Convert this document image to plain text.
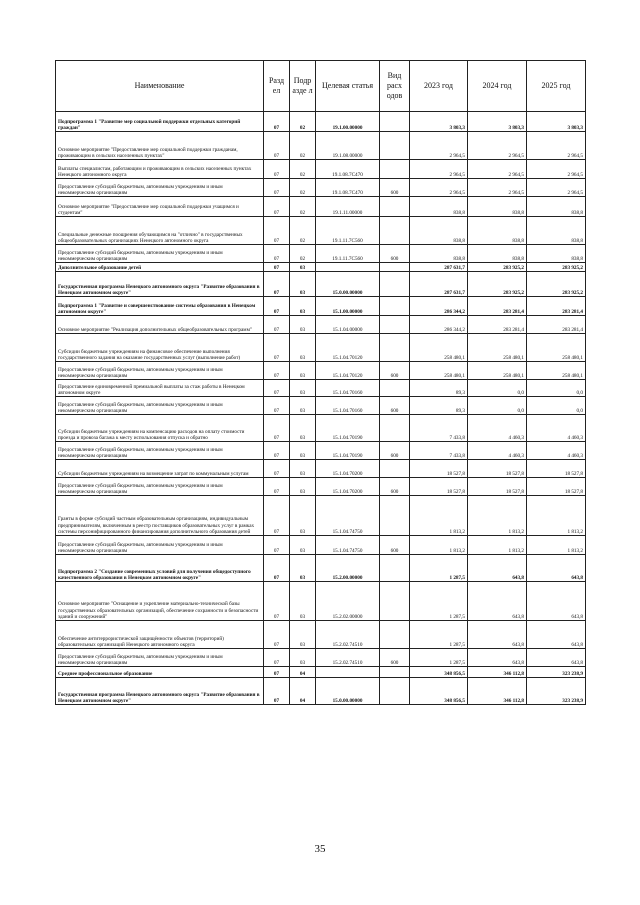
Наименование	Разд ел	Подр азде л	Целевая статья	Вид расх одов	2023 год	2024 год	2025 год
Подпрограмма 1 "Развитие мер социальной поддержки отдельных категорий граждан"	07	02	19.1.00.00000		3 803,3	3 803,3	3 803,3
Основное мероприятие "Предоставление мер социальной поддержки гражданам, проживающим в сельских населенных пунктах"	07	02	19.1.08.00000		2 964,5	2 964,5	2 964,5
Выплаты специалистам, работающим и проживающим в сельских населенных пунктах Ненецкого автономного округа	07	02	19.1.08.7С470		2 964,5	2 964,5	2 964,5
Предоставление субсидий бюджетным, автономным учреждениям и иным некоммерческим организациям	07	02	19.1.08.7С470	600	2 964,5	2 964,5	2 964,5
Основное мероприятие "Предоставление мер социальной поддержки учащимся и студентам"	07	02	19.1.11.00000		838,8	838,8	838,8
Специальные денежные поощрения обучающимся на "отлично" в государственных общеобразовательных организациях Ненецкого автономного округа	07	02	19.1.11.7С560		838,8	838,8	838,8
Предоставление субсидий бюджетным, автономным учреждениям и иным некоммерческим организациям	07	02	19.1.11.7С560	600	838,8	838,8	838,8
Дополнительное образование детей	07	03			287 631,7	283 925,2	283 925,2
Государственная программа Ненецкого автономного округа "Развитие образования в Ненецком автономном округе"	07	03	15.0.00.00000		287 631,7	283 925,2	283 925,2
Подпрограмма 1 "Развитие и совершенствование системы образования в Ненецком автономном округе"	07	03	15.1.00.00000		286 344,2	283 281,4	283 281,4
Основное мероприятие "Реализация дополнительных общеобразовательных программ"	07	03	15.1.04.00000		286 344,2	283 281,4	283 281,4
Субсидии бюджетным учреждениям на финансовое обеспечение выполнения государственного задания на оказание государственных услуг (выполнение работ)	07	03	15.1.04.70120		258 480,1	258 480,1	258 480,1
Предоставление субсидий бюджетным, автономным учреждениям и иным некоммерческим организациям	07	03	15.1.04.70120	600	258 480,1	258 480,1	258 480,1
Предоставление единовременной премиальной выплаты за стаж работы в Ненецком автономном округе	07	03	15.1.04.70160		89,3	0,0	0,0
Предоставление субсидий бюджетным, автономным учреждениям и иным некоммерческим организациям	07	03	15.1.04.70160	600	89,3	0,0	0,0
Субсидии бюджетным учреждениям на компенсацию расходов на оплату стоимости проезда и провоза багажа к месту использования отпуска и обратно	07	03	15.1.04.70190		7 433,8	4 460,3	4 460,3
Предоставление субсидий бюджетным, автономным учреждениям и иным некоммерческим организациям	07	03	15.1.04.70190	600	7 433,8	4 460,3	4 460,3
Субсидии бюджетным учреждениям на возмещение затрат по коммунальным услугам	07	03	15.1.04.70200		18 527,8	18 527,8	18 527,8
Предоставление субсидий бюджетным, автономным учреждениям и иным некоммерческим организациям	07	03	15.1.04.70200	600	18 527,8	18 527,8	18 527,8
Гранты в форме субсидий частным образовательным организациям, индивидуальным предпринимателям, включенным в реестр поставщиков образовательных услуг в рамках системы персонифицированного финансирования дополнительного образования детей	07	03	15.1.04.74750		1 813,2	1 813,2	1 813,2
Предоставление субсидий бюджетным, автономным учреждениям и иным некоммерческим организациям	07	03	15.1.04.74750	600	1 813,2	1 813,2	1 813,2
Подпрограмма 2 "Создание современных условий для получения общедоступного качественного образования в Ненецком автономном округе"	07	03	15.2.00.00000		1 287,5	643,8	643,8
Основное мероприятие "Оснащение и укрепление материально-технической базы государственных образовательных организаций, обеспечение сохранности и безопасности зданий и сооружений"	07	03	15.2.02.00000		1 287,5	643,8	643,8
Обеспечение антитеррористической защищённости объектов (территорий) образовательных организаций Ненецкого автономного округа	07	03	15.2.02.74510		1 287,5	643,8	643,8
Предоставление субсидий бюджетным, автономным учреждениям и иным некоммерческим организациям	07	03	15.2.02.74510	600	1 287,5	643,8	643,8
Среднее профессиональное образование	07	04			348 856,5	346 112,8	323 238,9
Государственная программа Ненецкого автономного округа "Развитие образования в Ненецком автономном округе"	07	04	15.0.00.00000		348 856,5	346 112,8	323 238,9
35
